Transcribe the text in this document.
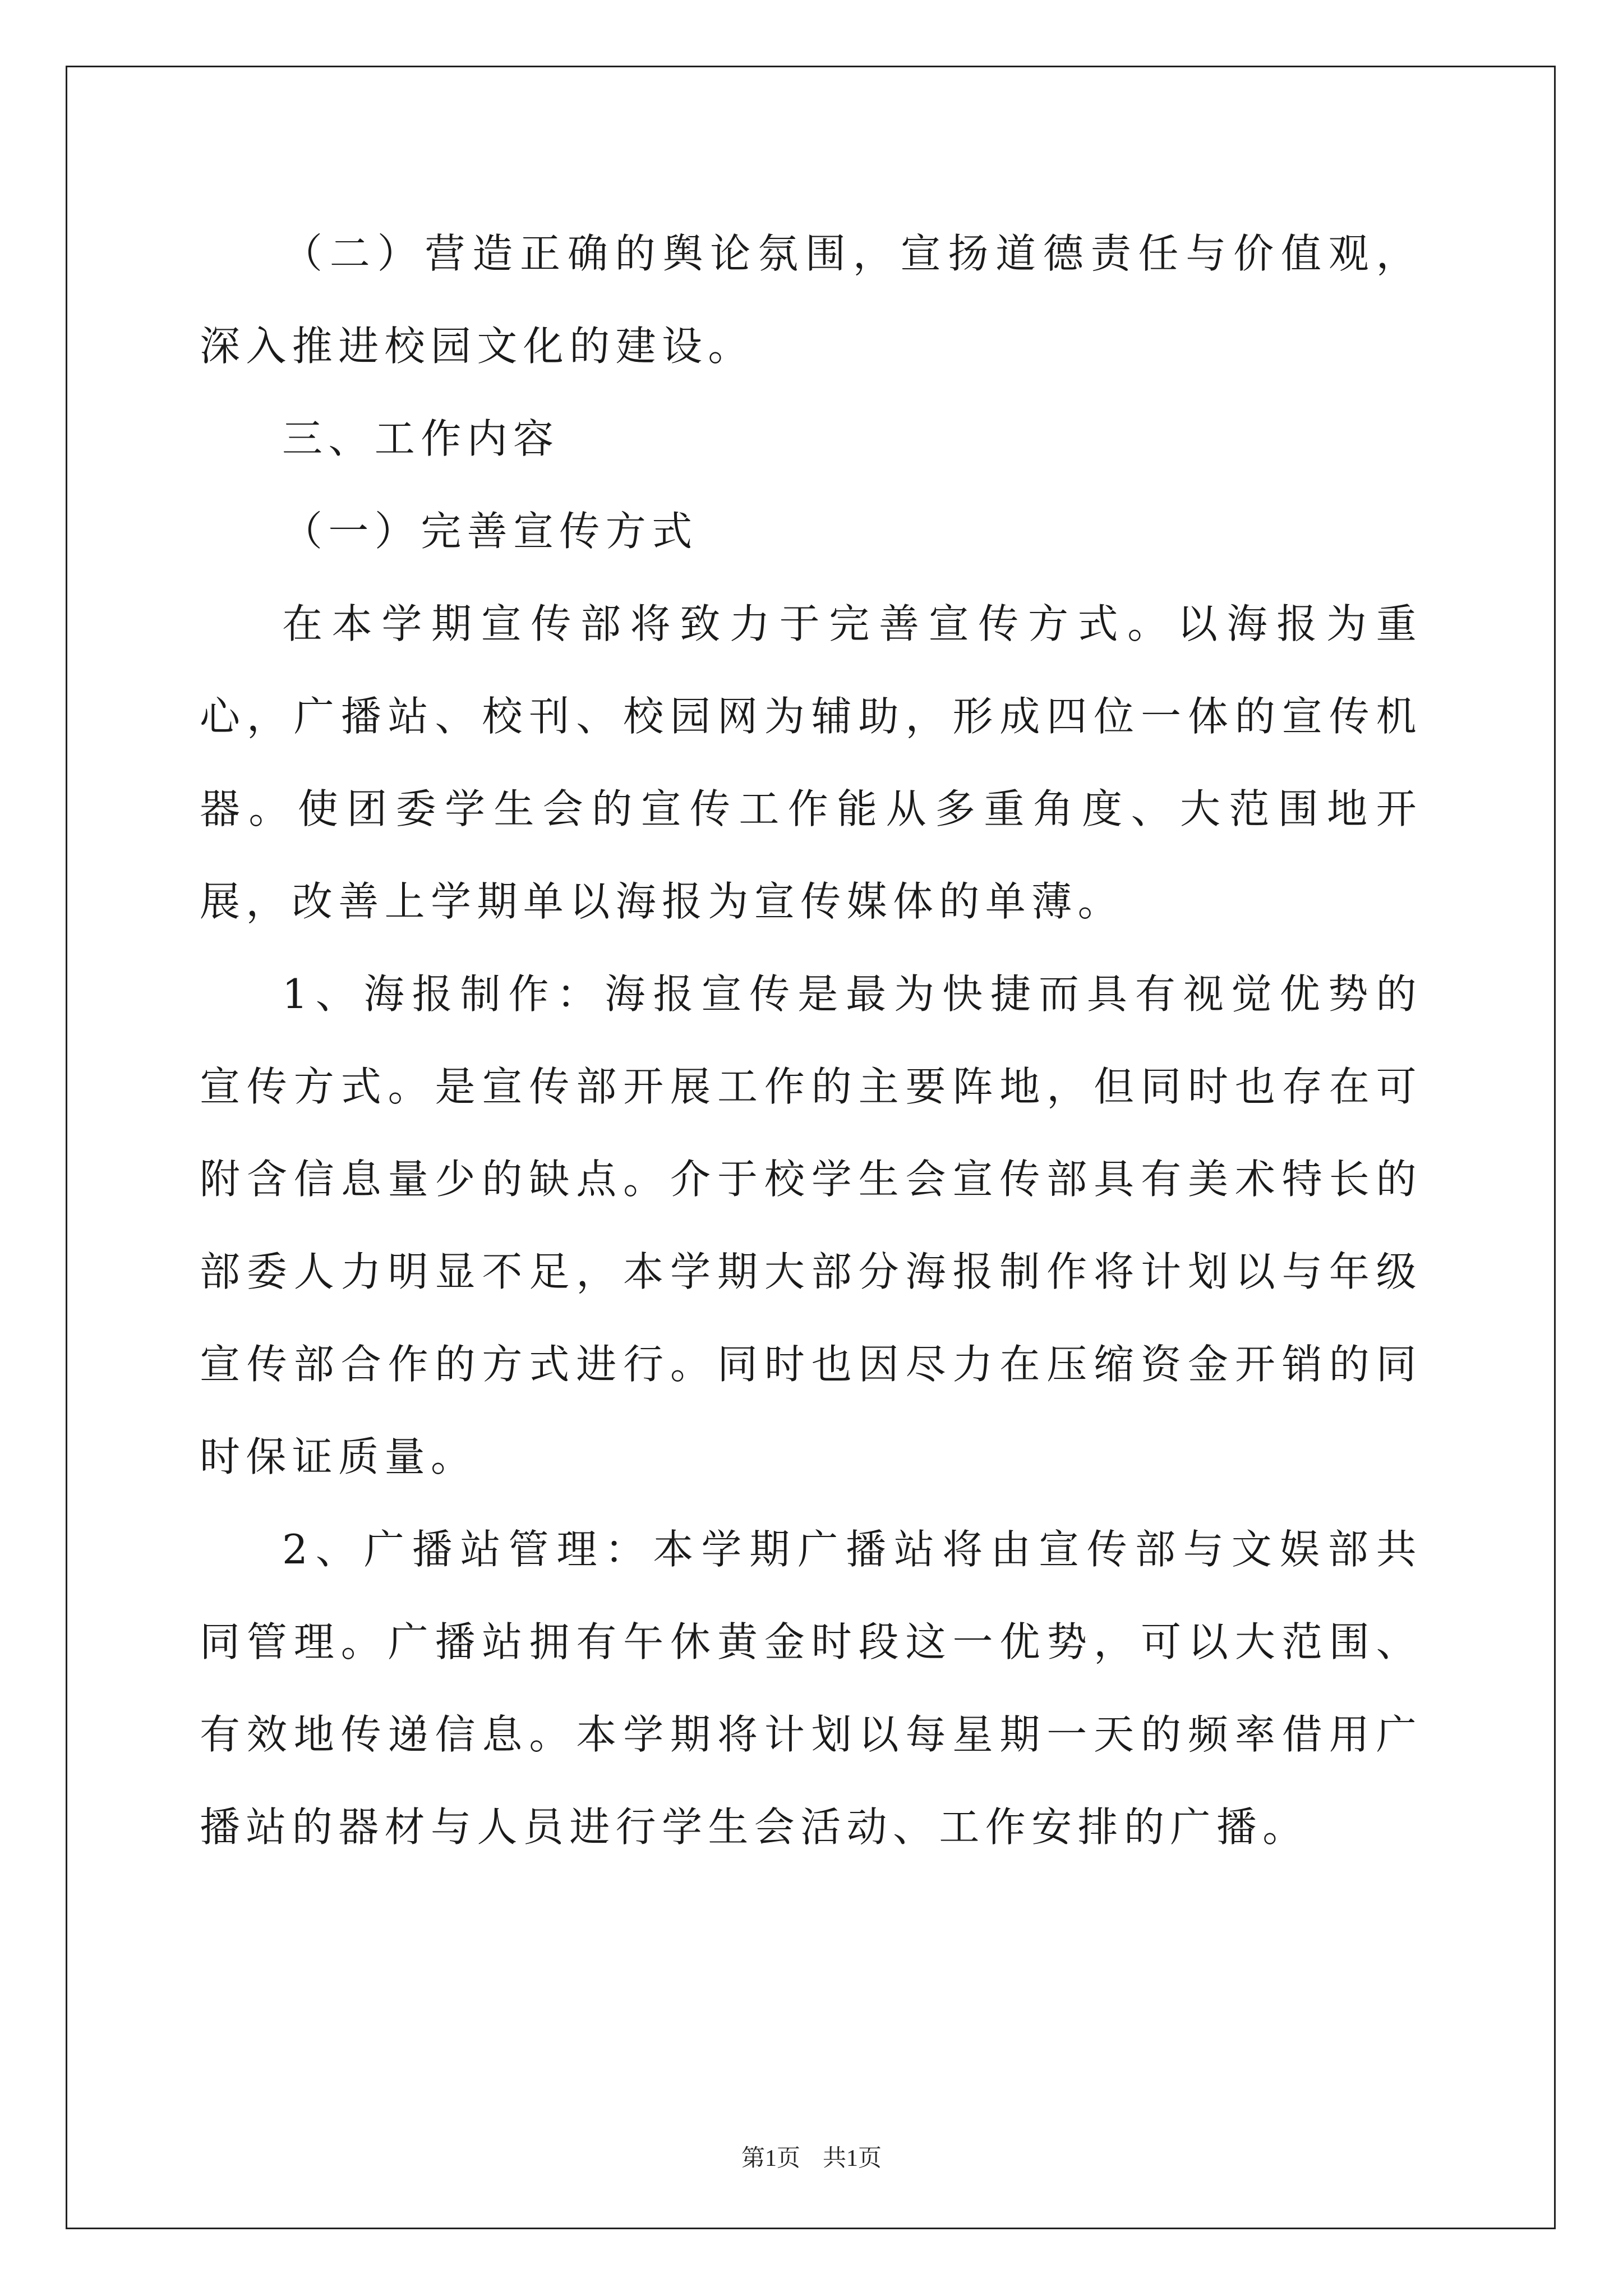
（二）营造正确的舆论氛围，宣扬道德责任与价值观，深入推进校园文化的建设。

三、工作内容

（一）完善宣传方式

在本学期宣传部将致力于完善宣传方式。以海报为重心，广播站、校刊、校园网为辅助，形成四位一体的宣传机器。使团委学生会的宣传工作能从多重角度、大范围地开展，改善上学期单以海报为宣传媒体的单薄。

1、海报制作：海报宣传是最为快捷而具有视觉优势的宣传方式。是宣传部开展工作的主要阵地，但同时也存在可附含信息量少的缺点。介于校学生会宣传部具有美术特长的部委人力明显不足，本学期大部分海报制作将计划以与年级宣传部合作的方式进行。同时也因尽力在压缩资金开销的同时保证质量。

2、广播站管理：本学期广播站将由宣传部与文娱部共同管理。广播站拥有午休黄金时段这一优势，可以大范围、有效地传递信息。本学期将计划以每星期一天的频率借用广播站的器材与人员进行学生会活动、工作安排的广播。

第1页 共1页
